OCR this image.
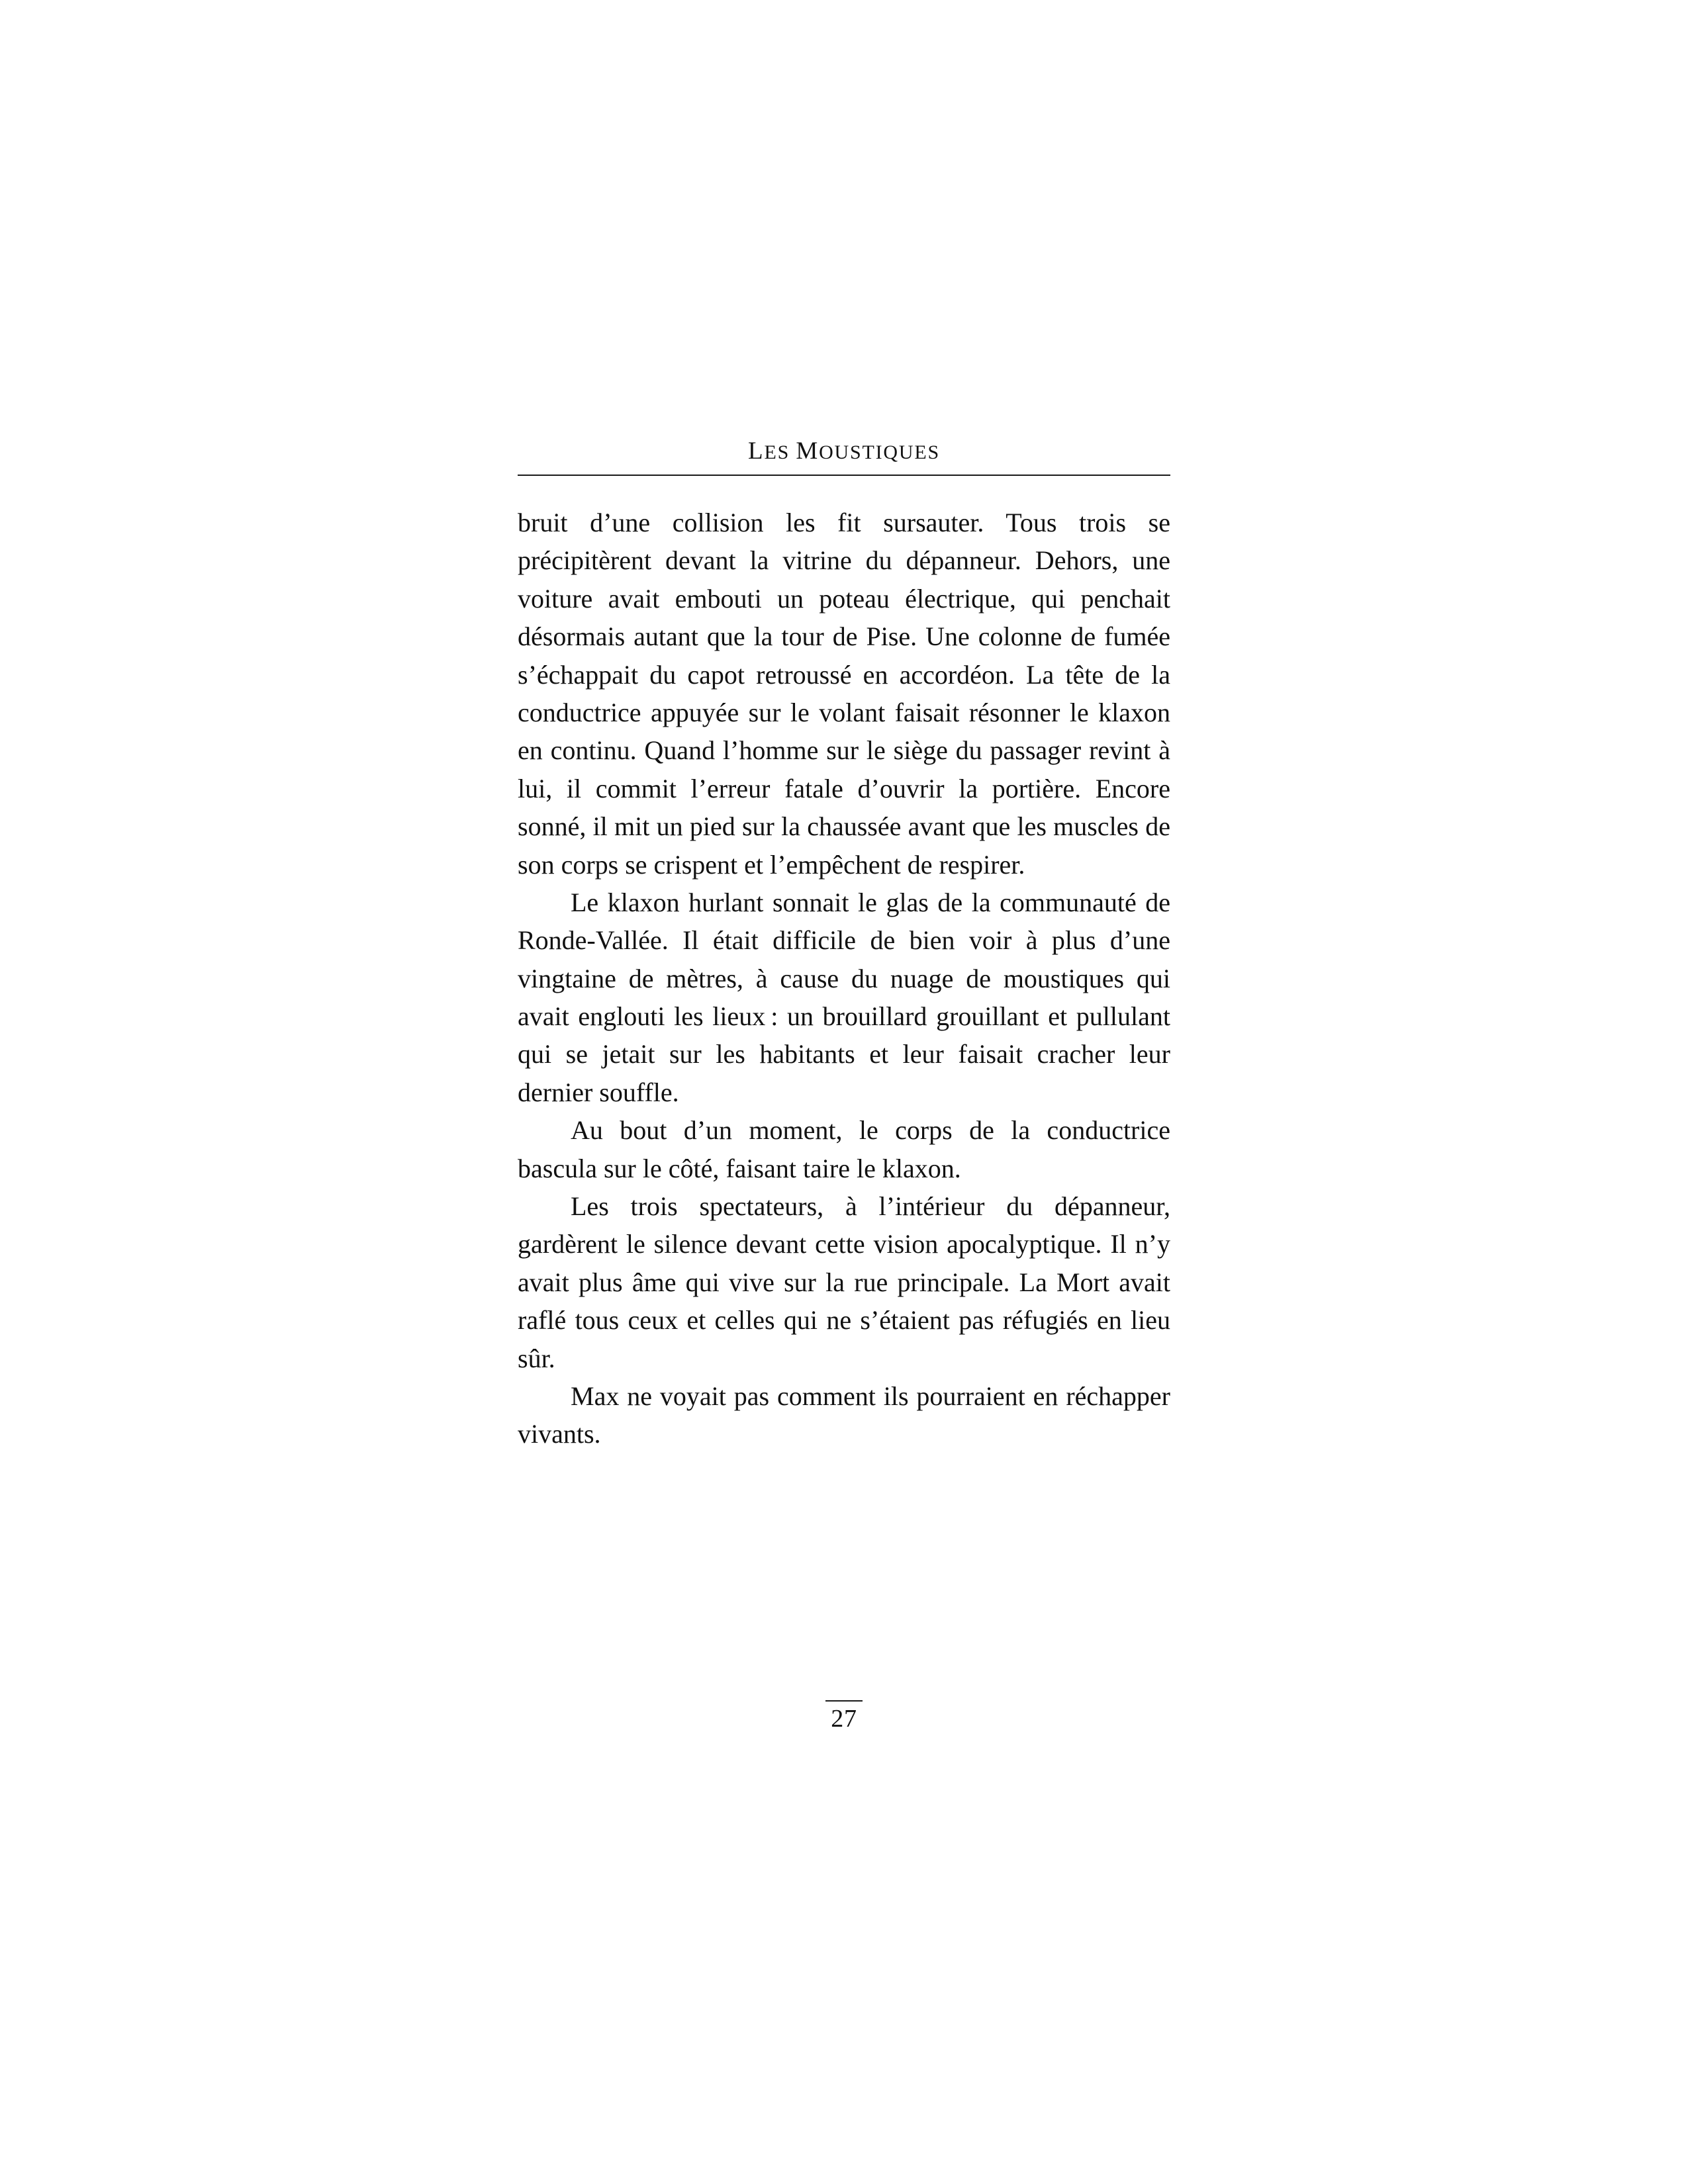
LES MOUSTIQUES

bruit d’une collision les fit sursauter. Tous trois se précipitèrent devant la vitrine du dépanneur. Dehors, une voiture avait embouti un poteau électrique, qui penchait désormais autant que la tour de Pise. Une colonne de fumée s’échappait du capot retroussé en accordéon. La tête de la conductrice appuyée sur le volant faisait résonner le klaxon en continu. Quand l’homme sur le siège du passager revint à lui, il commit l’erreur fatale d’ouvrir la portière. Encore sonné, il mit un pied sur la chaussée avant que les muscles de son corps se crispent et l’empêchent de respirer.

Le klaxon hurlant sonnait le glas de la communauté de Ronde-Vallée. Il était difficile de bien voir à plus d’une vingtaine de mètres, à cause du nuage de moustiques qui avait englouti les lieux : un brouillard grouillant et pullulant qui se jetait sur les habitants et leur faisait cracher leur dernier souffle.

Au bout d’un moment, le corps de la conductrice bascula sur le côté, faisant taire le klaxon.

Les trois spectateurs, à l’intérieur du dépanneur, gardèrent le silence devant cette vision apocalyptique. Il n’y avait plus âme qui vive sur la rue principale. La Mort avait raflé tous ceux et celles qui ne s’étaient pas réfugiés en lieu sûr.

Max ne voyait pas comment ils pourraient en réchapper vivants.

27
